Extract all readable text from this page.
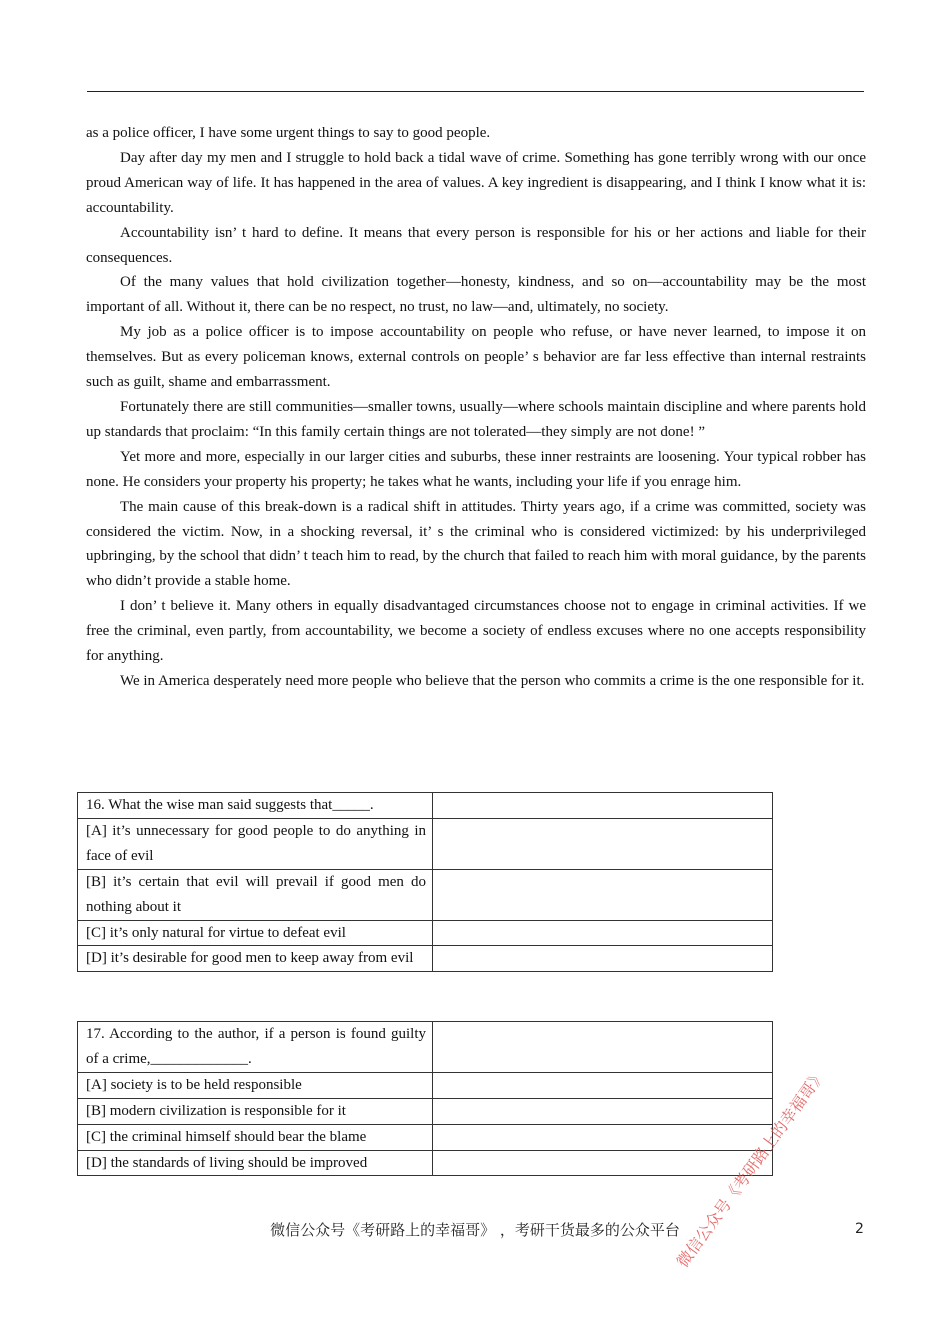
as a police officer, I have some urgent things to say to good people.

Day after day my men and I struggle to hold back a tidal wave of crime. Something has gone terribly wrong with our once proud American way of life. It has happened in the area of values. A key ingredient is disappearing, and I think I know what it is: accountability.

Accountability isn’ t hard to define. It means that every person is responsible for his or her actions and liable for their consequences.

Of the many values that hold civilization together—honesty, kindness, and so on—accountability may be the most important of all. Without it, there can be no respect, no trust, no law—and, ultimately, no society.

My job as a police officer is to impose accountability on people who refuse, or have never learned, to impose it on themselves. But as every policeman knows, external controls on people’ s behavior are far less effective than internal restraints such as guilt, shame and embarrassment.

Fortunately there are still communities—smaller towns, usually—where schools maintain discipline and where parents hold up standards that proclaim: “In this family certain things are not tolerated—they simply are not done! ”

Yet more and more, especially in our larger cities and suburbs, these inner restraints are loosening. Your typical robber has none. He considers your property his property; he takes what he wants, including your life if you enrage him.

The main cause of this break-down is a radical shift in attitudes. Thirty years ago, if a crime was committed, society was considered the victim. Now, in a shocking reversal, it’ s the criminal who is considered victimized: by his underprivileged upbringing, by the school that didn’ t teach him to read, by the church that failed to reach him with moral guidance, by the parents who didn’t provide a stable home.

I don’ t believe it. Many others in equally disadvantaged circumstances choose not to engage in criminal activities. If we free the criminal, even partly, from accountability, we become a society of endless excuses where no one accepts responsibility for anything.

We in America desperately need more people who believe that the person who commits a crime is the one responsible for it.

16. What the wise man said suggests that_____.	
[A] it’s unnecessary for good people to do anything in face of evil	
[B] it’s certain that evil will prevail if good men do nothing about it	
[C] it’s only natural for virtue to defeat evil	
[D] it’s desirable for good men to keep away from evil	
17. According to the author, if a person is found guilty of a crime,_____________.	
[A] society is to be held responsible	
[B] modern civilization is responsible for it	
[C] the criminal himself should bear the blame	
[D] the standards of living should be improved		微信公众号《考研路上的幸福哥》
微信公众号《考研路上的幸福哥》 ，考研干货最多的公众平台	2
